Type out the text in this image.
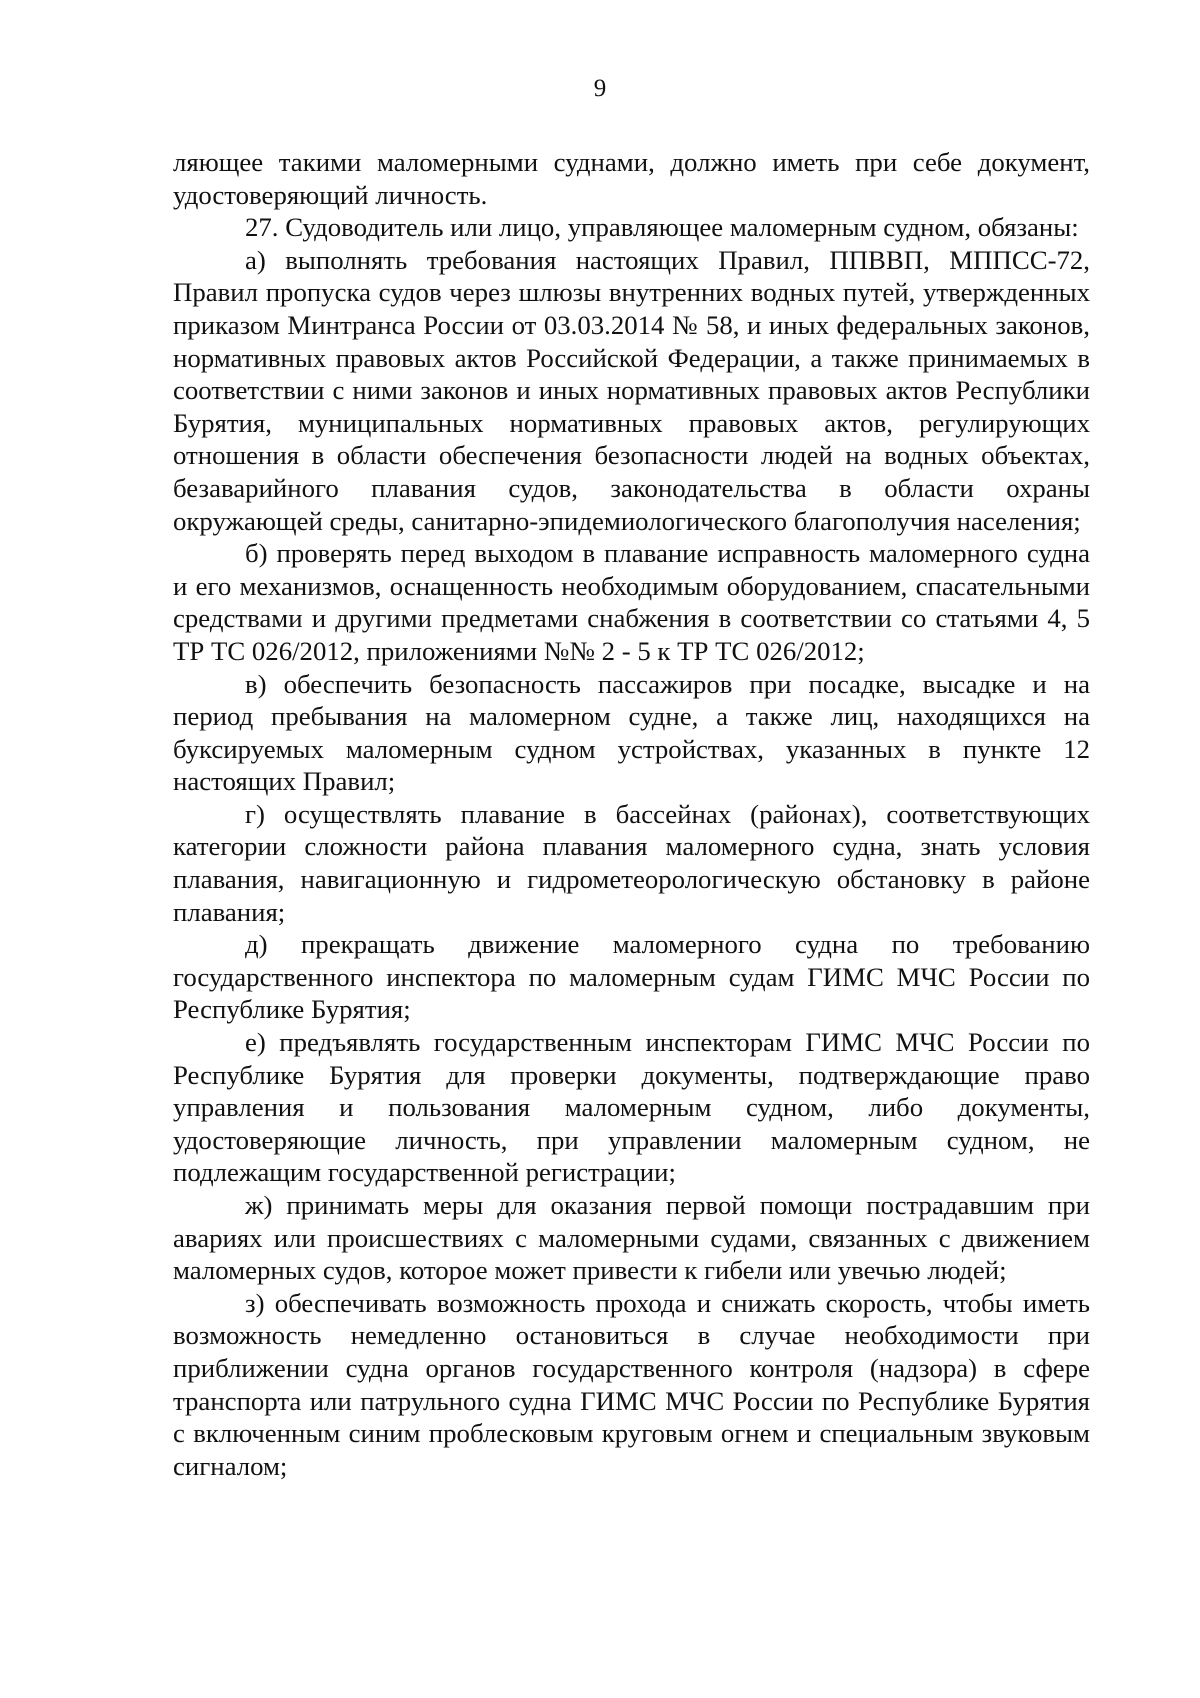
9

ляющее такими маломерными суднами, должно иметь при себе документ, удостоверяющий личность.

27. Судоводитель или лицо, управляющее маломерным судном, обязаны:

а) выполнять требования настоящих Правил, ППВВП, МППСС-72, Правил пропуска судов через шлюзы внутренних водных путей, утвержденных приказом Минтранса России от 03.03.2014 № 58, и иных федеральных законов, нормативных правовых актов Российской Федерации, а также принимаемых в соответствии с ними законов и иных нормативных правовых актов Республики Бурятия, муниципальных нормативных правовых актов, регулирующих отношения в области обеспечения безопасности людей на водных объектах, безаварийного плавания судов, законодательства в области охраны окружающей среды, санитарно-эпидемиологического благополучия населения;

б) проверять перед выходом в плавание исправность маломерного судна и его механизмов, оснащенность необходимым оборудованием, спасательными средствами и другими предметами снабжения в соответствии со статьями 4, 5 ТР ТС 026/2012, приложениями №№ 2 - 5 к ТР ТС 026/2012;

в) обеспечить безопасность пассажиров при посадке, высадке и на период пребывания на маломерном судне, а также лиц, находящихся на буксируемых маломерным судном устройствах, указанных в пункте 12 настоящих Правил;

г) осуществлять плавание в бассейнах (районах), соответствующих категории сложности района плавания маломерного судна, знать условия плавания, навигационную и гидрометеорологическую обстановку в районе плавания;

д) прекращать движение маломерного судна по требованию государственного инспектора по маломерным судам ГИМС МЧС России по Республике Бурятия;

е) предъявлять государственным инспекторам ГИМС МЧС России по Республике Бурятия для проверки документы, подтверждающие право управления и пользования маломерным судном, либо документы, удостоверяющие личность, при управлении маломерным судном, не подлежащим государственной регистрации;

ж) принимать меры для оказания первой помощи пострадавшим при авариях или происшествиях с маломерными судами, связанных с движением маломерных судов, которое может привести к гибели или увечью людей;

з) обеспечивать возможность прохода и снижать скорость, чтобы иметь возможность немедленно остановиться в случае необходимости при приближении судна органов государственного контроля (надзора) в сфере транспорта или патрульного судна ГИМС МЧС России по Республике Бурятия с включенным синим проблесковым круговым огнем и специальным звуковым сигналом;
